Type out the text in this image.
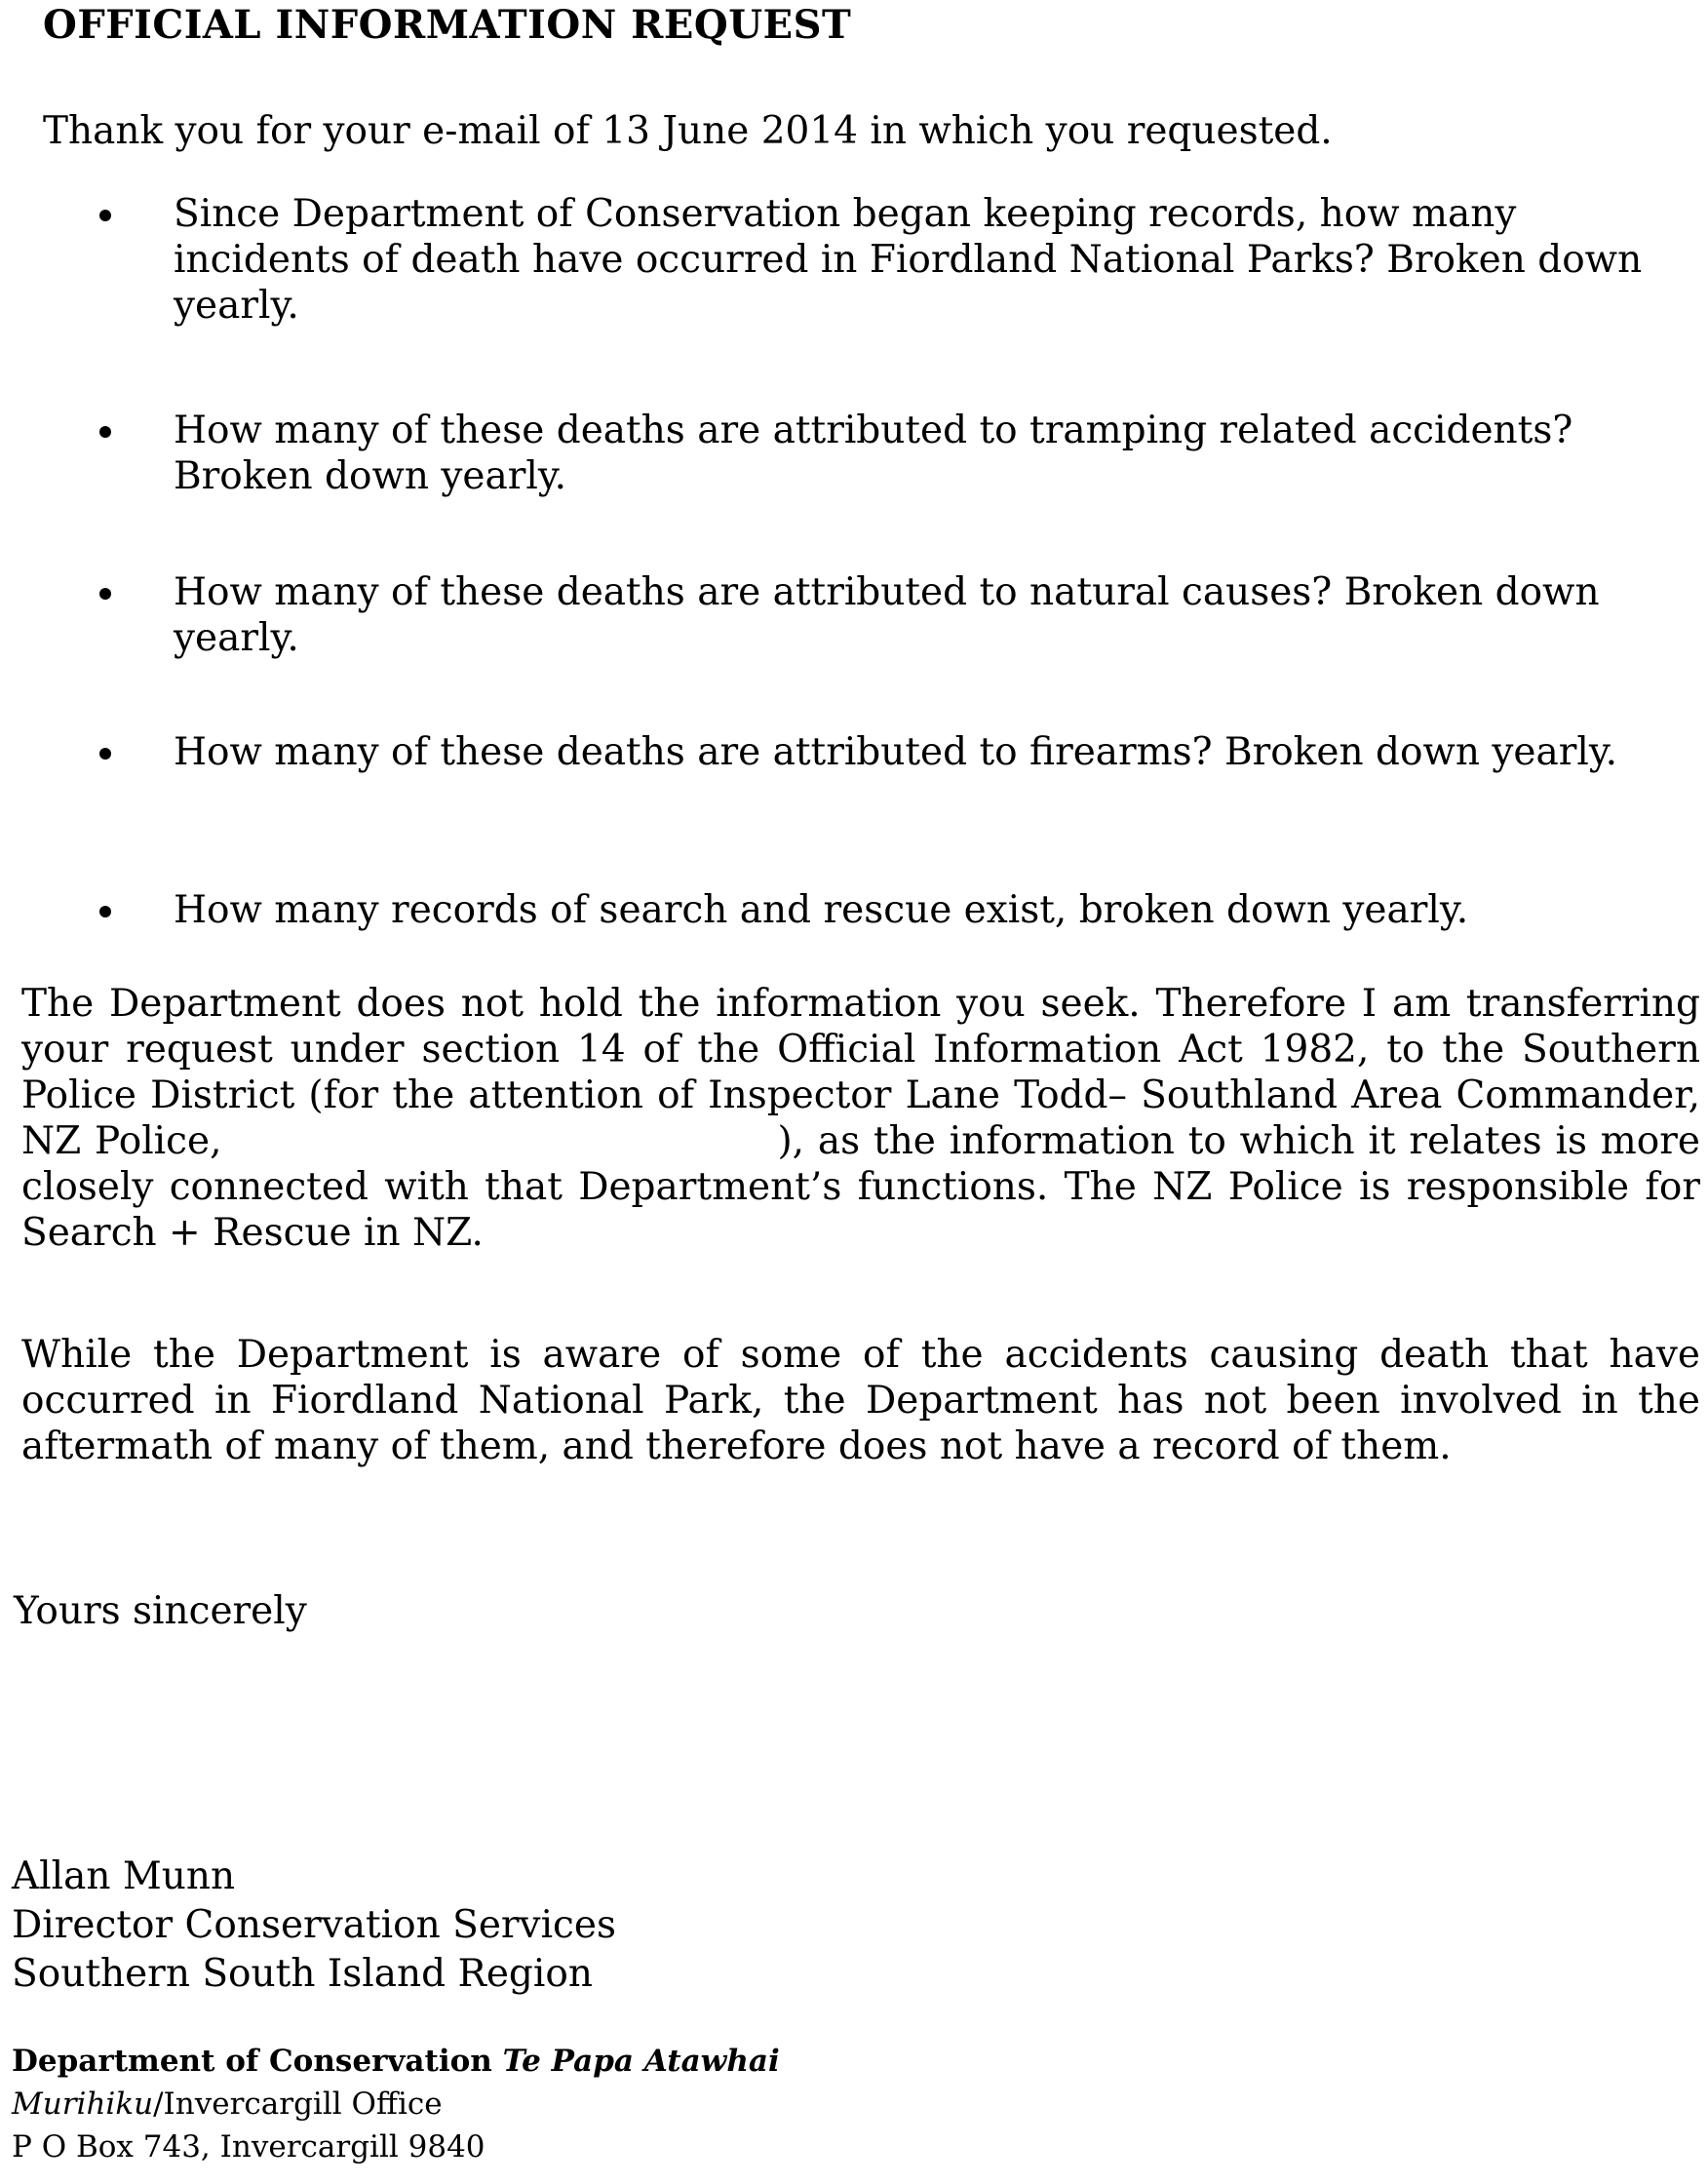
OFFICIAL INFORMATION REQUEST
Thank you for your e-mail of 13 June 2014 in which you requested.
Since Department of Conservation began keeping records, how many incidents of death have occurred in Fiordland National Parks? Broken down yearly.
How many of these deaths are attributed to tramping related accidents? Broken down yearly.
How many of these deaths are attributed to natural causes? Broken down yearly.
How many of these deaths are attributed to firearms? Broken down yearly.
How many records of search and rescue exist, broken down yearly.
The Department does not hold the information you seek. Therefore I am transferring your request under section 14 of the Official Information Act 1982, to the Southern Police District (for the attention of Inspector Lane Todd– Southland Area Commander, NZ Police,	), as the information to which it relates is more closely connected with that Department’s functions. The NZ Police is responsible for Search + Rescue in NZ.
While the Department is aware of some of the accidents causing death that have occurred in Fiordland National Park, the Department has not been involved in the aftermath of many of them, and therefore does not have a record of them.
Yours sincerely
Allan Munn
Director Conservation Services
Southern South Island Region
Department of Conservation Te Papa Atawhai
Murihiku/Invercargill Office
P O Box 743, Invercargill 9840
